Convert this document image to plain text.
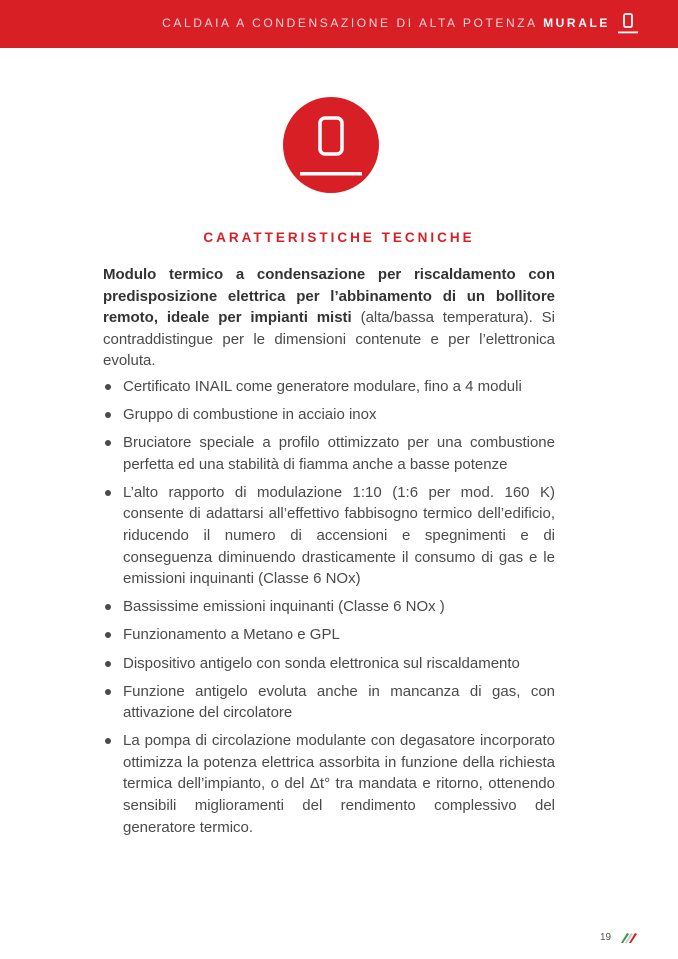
CALDAIA A CONDENSAZIONE DI ALTA POTENZA MURALE
CARATTERISTICHE TECNICHE

Modulo termico a condensazione per riscaldamento con predisposizione elettrica per l’abbinamento di un bollitore remoto, ideale per impianti misti (alta/bassa temperatura). Si contraddistingue per le dimensioni contenute e per l’elettronica evoluta.

Certificato INAIL come generatore modulare, fino a 4 moduli
Gruppo di combustione in acciaio inox
Bruciatore speciale a profilo ottimizzato per una combustione perfetta ed una stabilità di fiamma anche a basse potenze
L’alto rapporto di modulazione 1:10 (1:6 per mod. 160 K) consente di adattarsi all’effettivo fabbisogno termico dell’edificio, riducendo il numero di accensioni e spegnimenti e di conseguenza diminuendo drasticamente il consumo di gas e le emissioni inquinanti (Classe 6 NOx)
Bassissime emissioni inquinanti (Classe 6 NOx )
Funzionamento a Metano e GPL
Dispositivo antigelo con sonda elettronica sul riscaldamento
Funzione antigelo evoluta anche in mancanza di gas, con attivazione del circolatore
La pompa di circolazione modulante con degasatore incorporato ottimizza la potenza elettrica assorbita in funzione della richiesta termica dell’impianto, o del Δt° tra mandata e ritorno, ottenendo sensibili miglioramenti del rendimento complessivo del generatore termico.
19
